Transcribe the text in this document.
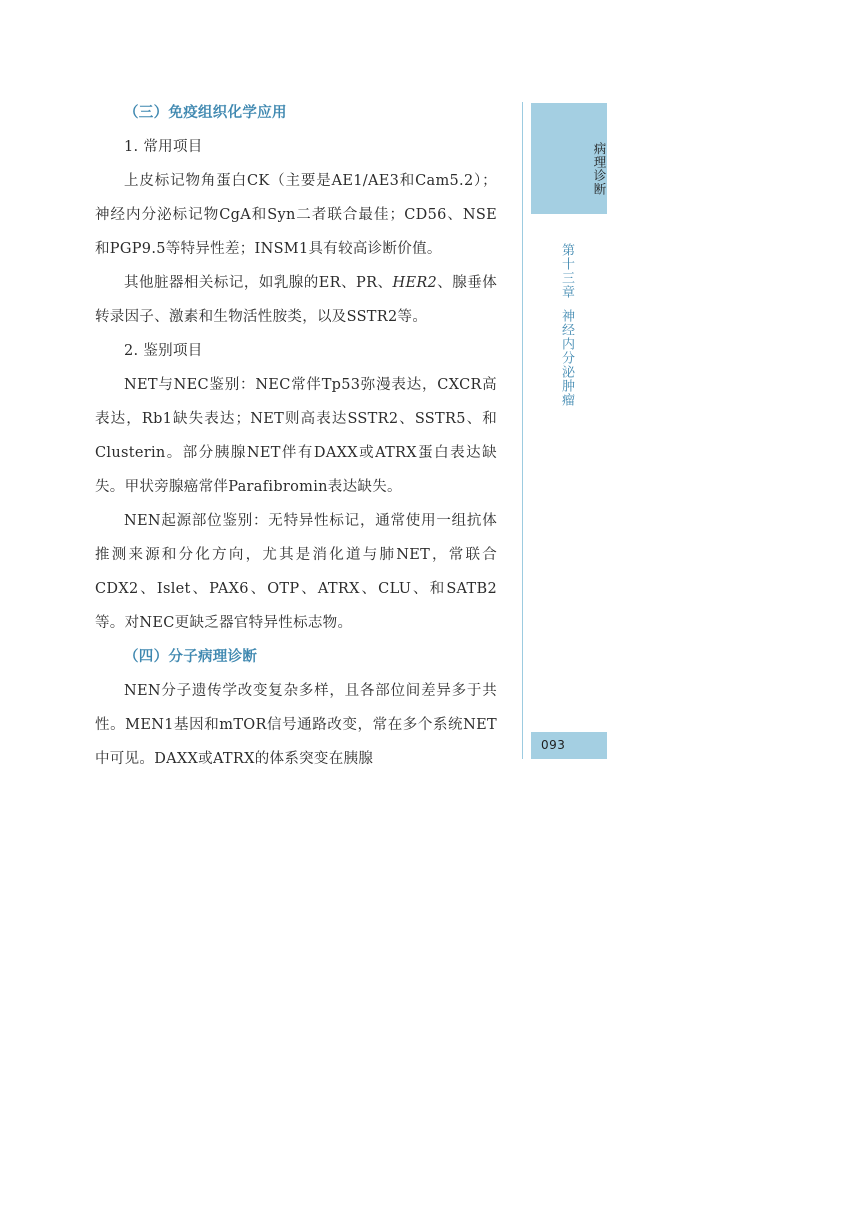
（三）免疫组织化学应用

1. 常用项目

上皮标记物角蛋白CK（主要是AE1/AE3和Cam5.2）；神经内分泌标记物CgA和Syn二者联合最佳；CD56、NSE和PGP9.5等特异性差；INSM1具有较高诊断价值。

其他脏器相关标记，如乳腺的ER、PR、HER2、腺垂体转录因子、激素和生物活性胺类，以及SSTR2等。

2. 鉴别项目

NET与NEC鉴别：NEC常伴Tp53弥漫表达，CXCR高表达，Rb1缺失表达；NET则高表达SSTR2、SSTR5、和Clusterin。部分胰腺NET伴有DAXX或ATRX蛋白表达缺失。甲状旁腺癌常伴Parafibromin表达缺失。

NEN起源部位鉴别：无特异性标记，通常使用一组抗体推测来源和分化方向，尤其是消化道与肺NET，常联合CDX2、Islet、PAX6、OTP、ATRX、CLU、和SATB2等。对NEC更缺乏器官特异性标志物。

（四）分子病理诊断

NEN分子遗传学改变复杂多样，且各部位间差异多于共性。MEN1基因和mTOR信号通路改变，常在多个系统NET中可见。DAXX或ATRX的体系突变在胰腺

病理诊断
第十三章神经内分泌肿瘤
093
